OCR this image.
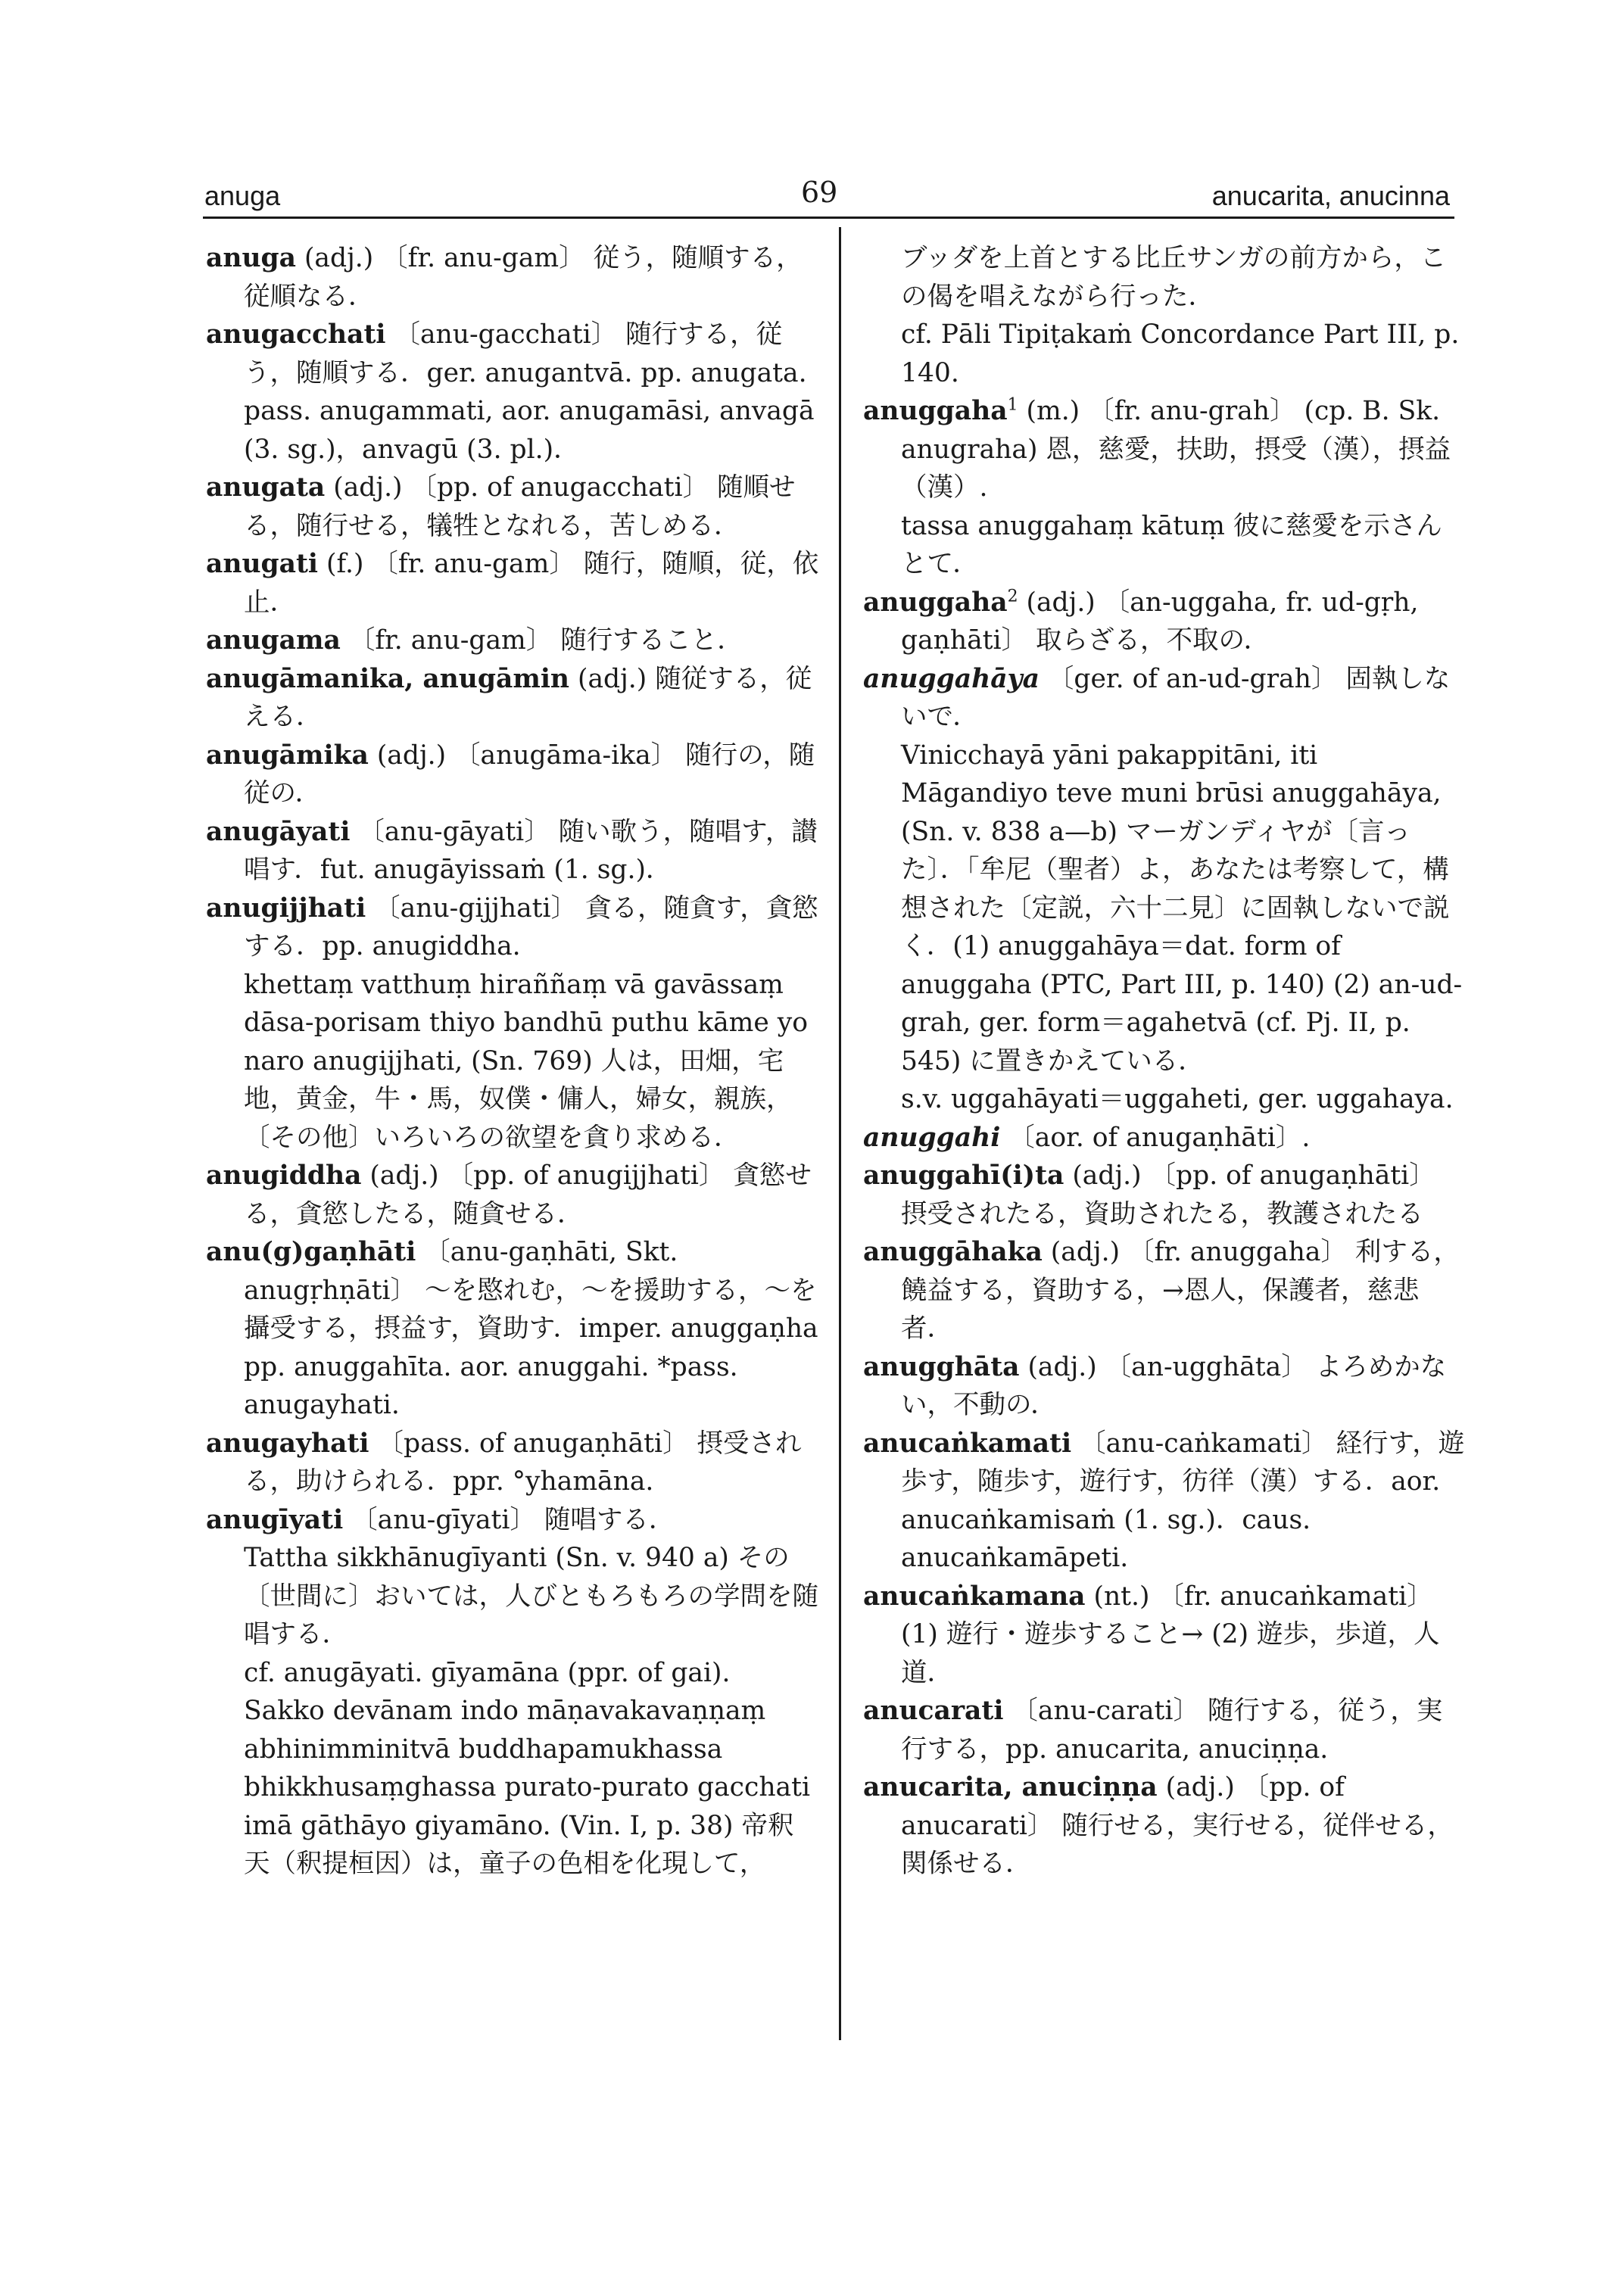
anuga	69	anucarita, anucinna

anuga (adj.) 〔fr. anu-gam〕 従う，随順する，従順なる．

anugacchati 〔anu-gacchati〕 随行する，従う，随順する．ger. anugantvā. pp. anugata. pass. anugammati, aor. anugamāsi, anvagā (3. sg.)，anvagū (3. pl.)．

anugata (adj.) 〔pp. of anugacchati〕 随順せる，随行せる，犠牲となれる，苦しめる．

anugati (f.) 〔fr. anu-gam〕 随行，随順，従，依止．

anugama 〔fr. anu-gam〕 随行すること．

anugāmanika, anugāmin (adj.) 随従する，従える．

anugāmika (adj.) 〔anugāma-ika〕 随行の，随従の．

anugāyati 〔anu-gāyati〕 随い歌う，随唱す，讃唱す．fut. anugāyissaṁ (1. sg.)．

anugijjhati 〔anu-gijjhati〕 貪る，随貪す，貪慾する．pp. anugiddha.

khettaṃ vatthuṃ hiraññaṃ vā gavāssaṃ dāsa-porisam thiyo bandhū puthu kāme yo naro anugijjhati, (Sn. 769) 人は，田畑，宅地，黄金，牛・馬，奴僕・傭人，婦女，親族，〔その他〕いろいろの欲望を貪り求める．

anugiddha (adj.) 〔pp. of anugijjhati〕 貪慾せる，貪慾したる，随貪せる．

anu(g)gaṇhāti 〔anu-gaṇhāti, Skt. anugṛhṇāti〕 ～を愍れむ，～を援助する，～を攝受する，摂益す，資助す．imper. anuggaṇha pp. anuggahīta. aor. anuggahi. *pass. anugayhati.

anugayhati 〔pass. of anugaṇhāti〕 摂受される，助けられる．ppr. °yhamāna.

anugīyati 〔anu-gīyati〕 随唱する．

Tattha sikkhānugīyanti (Sn. v. 940 a) その〔世間に〕おいては，人びともろもろの学問を随唱する．

cf. anugāyati. gīyamāna (ppr. of gai).

Sakko devānam indo māṇavakavaṇṇaṃ abhinimminitvā buddhapamukhassa bhikkhusaṃghassa purato-purato gacchati imā gāthāyo giyamāno. (Vin. I, p. 38) 帝釈天（釈提桓因）は，童子の色相を化現して，

ブッダを上首とする比丘サンガの前方から，この偈を唱えながら行った．

cf. Pāli Tipiṭakaṁ Concordance Part III, p. 140.

anuggaha$^1$ (m.) 〔fr. anu-grah〕 (cp. B. Sk. anugraha) 恩，慈愛，扶助，摂受（漢），摂益（漢）.

tassa anuggahaṃ kātuṃ 彼に慈愛を示さんとて．

anuggaha$^2$ (adj.) 〔an-uggaha, fr. ud-gṛh, gaṇhāti〕 取らざる，不取の．

anuggahāya 〔ger. of an-ud-grah〕 固執しないで．

Vinicchayā yāni pakappitāni, iti Māgandiyo teve muni brūsi anuggahāya, (Sn. v. 838 a—b) マーガンディヤが〔言った〕．「牟尼（聖者）よ，あなたは考察して，構想された〔定説，六十二見〕に固執しないで説く．(1) anuggahāya＝dat. form of anuggaha (PTC, Part III, p. 140) (2) an-ud-grah, ger. form＝agahetvā (cf. Pj. II, p. 545) に置きかえている．

s.v. uggahāyati＝uggaheti, ger. uggahaya.

anuggahi 〔aor. of anugaṇhāti〕.

anuggahī(i)ta (adj.) 〔pp. of anugaṇhāti〕 摂受されたる，資助されたる，教護されたる

anuggāhaka (adj.) 〔fr. anuggaha〕 利する，饒益する，資助する，→恩人，保護者，慈悲者．

anugghāta (adj.) 〔an-ugghāta〕 よろめかない，不動の．

anucaṅkamati 〔anu-caṅkamati〕 経行す，遊歩す，随歩す，遊行す，彷徉（漢）する．aor. anucaṅkamisaṁ (1. sg.)．caus. anucaṅkamāpeti.

anucaṅkamana (nt.) 〔fr. anucaṅkamati〕 (1) 遊行・遊歩すること→ (2) 遊歩，歩道，人道．

anucarati 〔anu-carati〕 随行する，従う，実行する，pp. anucarita, anuciṇṇa.

anucarita, anuciṇṇa (adj.) 〔pp. of anucarati〕 随行せる，実行せる，従伴せる，関係せる．
